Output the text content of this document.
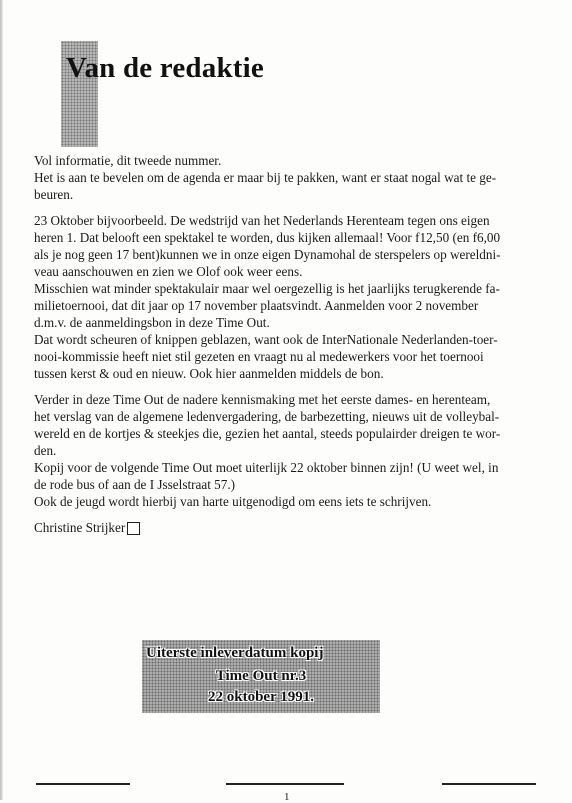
Van de redaktie

Vol informatie, dit tweede nummer.

Het is aan te bevelen om de agenda er maar bij te pakken, want er staat nogal wat te ge-

beuren.

23 Oktober bijvoorbeeld. De wedstrijd van het Nederlands Herenteam tegen ons eigen

heren 1. Dat belooft een spektakel te worden, dus kijken allemaal! Voor f12,50 (en f6,00

als je nog geen 17 bent)kunnen we in onze eigen Dynamohal de sterspelers op wereldni-

veau aanschouwen en zien we Olof ook weer eens.

Misschien wat minder spektakulair maar wel oergezellig is het jaarlijks terugkerende fa-

milietoernooi, dat dit jaar op 17 november plaatsvindt. Aanmelden voor 2 november

d.m.v. de aanmeldingsbon in deze Time Out.

Dat wordt scheuren of knippen geblazen, want ook de InterNationale Nederlanden-toer-

nooi-kommissie heeft niet stil gezeten en vraagt nu al medewerkers voor het toernooi

tussen kerst & oud en nieuw. Ook hier aanmelden middels de bon.

Verder in deze Time Out de nadere kennismaking met het eerste dames- en herenteam,

het verslag van de algemene ledenvergadering, de barbezetting, nieuws uit de volleybal-

wereld en de kortjes & steekjes die, gezien het aantal, steeds populairder dreigen te wor-

den.

Kopij voor de volgende Time Out moet uiterlijk 22 oktober binnen zijn! (U weet wel, in

de rode bus of aan de I Jsselstraat 57.)

Ook de jeugd wordt hierbij van harte uitgenodigd om eens iets te schrijven.

Christine Strijker

Uiterste inleverdatum kopij

Time Out nr.3

22 oktober 1991.

1
